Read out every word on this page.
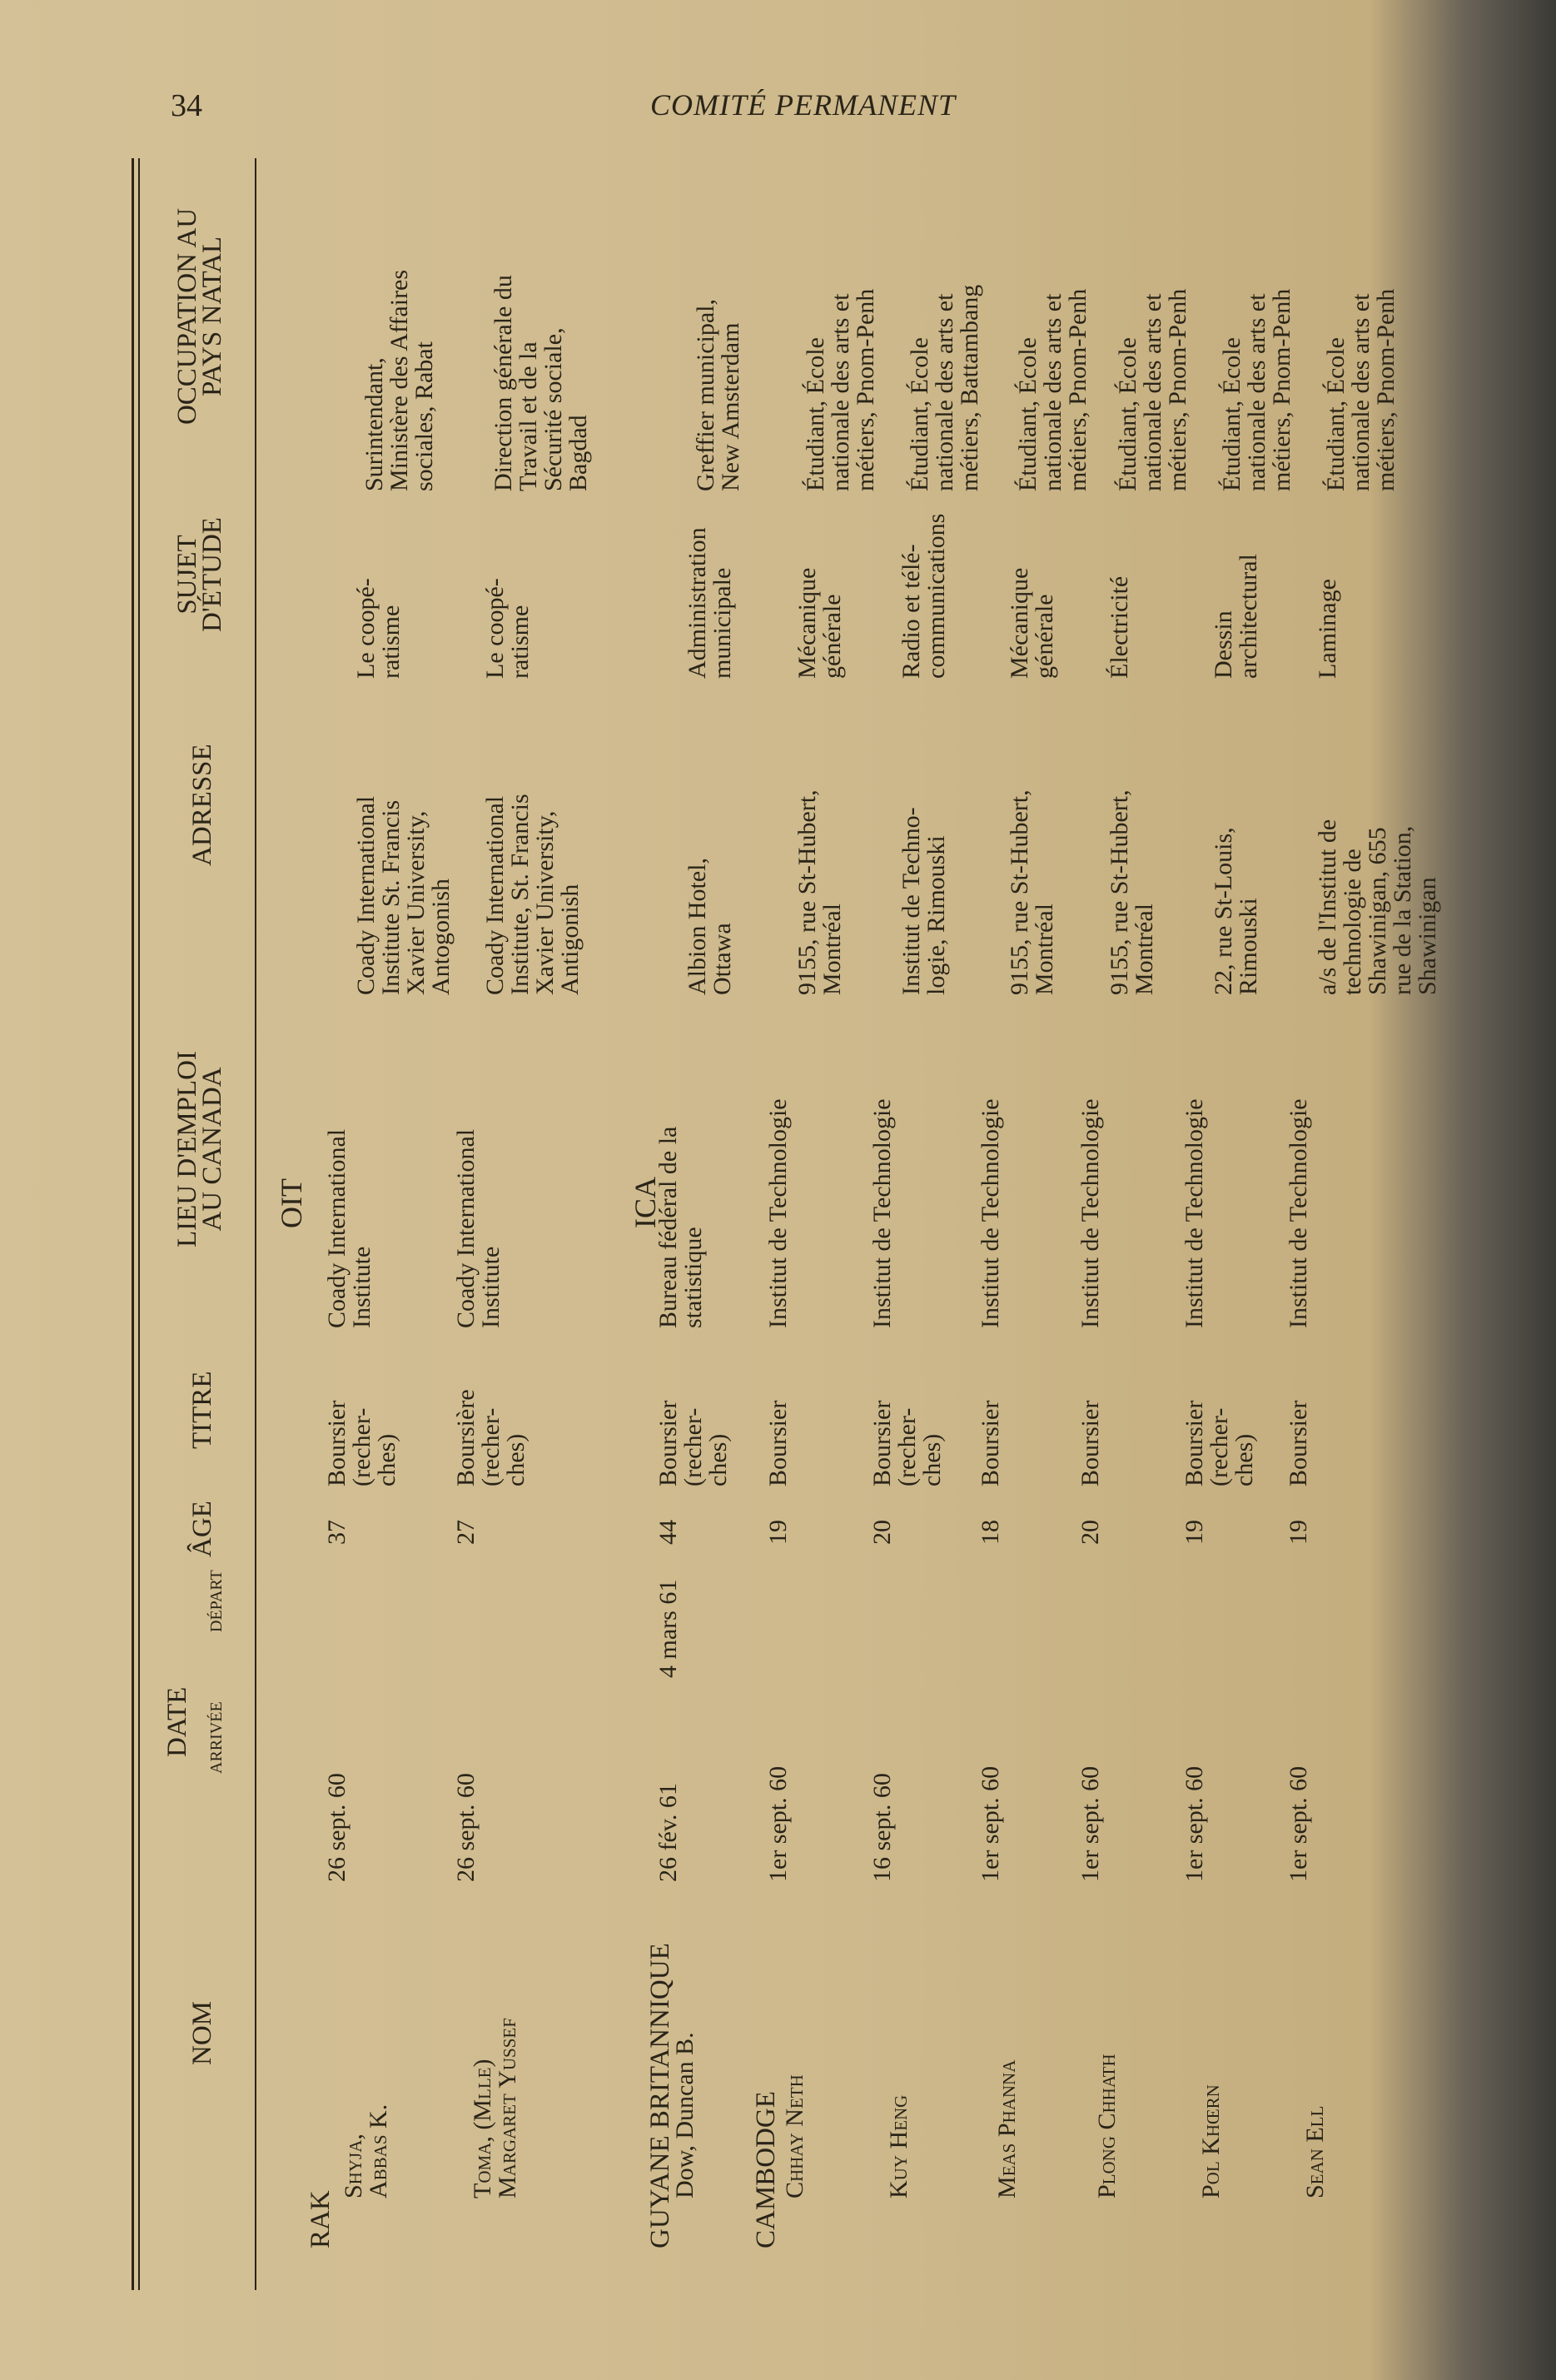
34	COMITÉ PERMANENT
NOM
DATE ARRIVÉE
DÉPART
ÂGE
TITRE
LIEU D'EMPLOI
AU CANADA
ADRESSE
SUJET
D'ÉTUDE
OCCUPATION AU
PAYS NATAL
OIT
RAK	GUYANE BRITANNIQUE
ICA
CAMBODGE
Shyja,
Abbas K.
26 sept. 60
37
Boursier
(recher-
ches)
Coady International
Institute
Coady International
Institute St. Francis
Xavier University,
Antogonish
Le coopé-
ratisme
Surintendant,
Ministère des Affaires
sociales, Rabat
Toma, (Mlle)
Margaret Yussef
26 sept. 60
27
Boursière
(recher-
ches)
Coady International
Institute
Coady International
Institute, St. Francis
Xavier University,
Antigonish
Le coopé-
ratisme
Direction générale du
Travail et de la
Sécurité sociale,
Bagdad
Dow, Duncan B.
26 fév. 61
4 mars 61
44
Boursier
(recher-
ches)
Bureau fédéral de la
statistique
Albion Hotel,
Ottawa
Administration
municipale
Greffier municipal,
New Amsterdam
Chhay Neth
1er sept. 60
19
Boursier
Institut de Technologie
9155, rue St-Hubert,
Montréal
Mécanique
générale
Étudiant, École
nationale des arts et
métiers, Pnom-Penh
Kuy Heng
16 sept. 60
20
Boursier
(recher-
ches)
Institut de Technologie
Institut de Techno-
logie, Rimouski
Radio et télé-
communications
Étudiant, École
nationale des arts et
métiers, Battambang
Meas Phanna
1er sept. 60
18
Boursier
Institut de Technologie
9155, rue St-Hubert,
Montréal
Mécanique
générale
Étudiant, École
nationale des arts et
métiers, Pnom-Penh
Plong Chhath
1er sept. 60
20
Boursier
Institut de Technologie
9155, rue St-Hubert,
Montréal
Électricité
Étudiant, École
nationale des arts et
métiers, Pnom-Penh
Pol Khœrn
1er sept. 60
19
Boursier
(recher-
ches)
Institut de Technologie
22, rue St-Louis,
Rimouski
Dessin
architectural
Étudiant, École
nationale des arts et
métiers, Pnom-Penh
Sean Ell
1er sept. 60
19
Boursier
Institut de Technologie
a/s de l'Institut de
technologie de
Shawinigan, 655
rue de la Station,
Shawinigan
Laminage
Étudiant, École
nationale des arts et
métiers, Pnom-Penh
